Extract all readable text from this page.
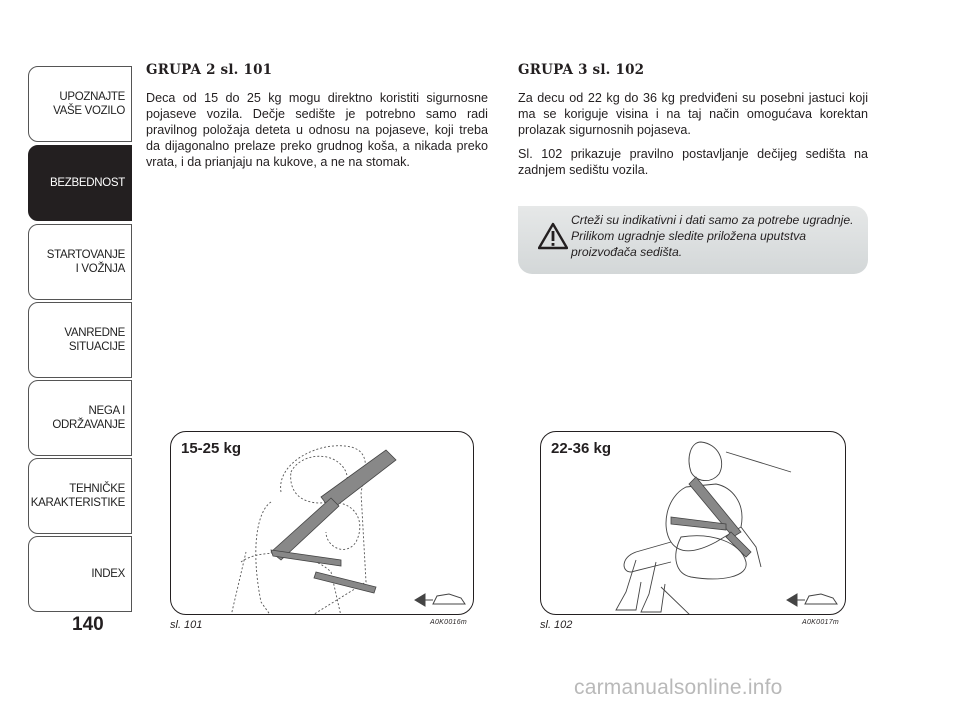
UPOZNAJTE
VAŠE VOZILO
BEZBEDNOST
STARTOVANJE
I VOŽNJA
VANREDNE
SITUACIJE
NEGA I
ODRŽAVANJE
TEHNIČKE
KARAKTERISTIKE
INDEX
140
GRUPA 2 sl. 101

Deca od 15 do 25 kg mogu direktno koristiti sigurnosne pojaseve vozila. Dečje sedište je potrebno samo radi pravilnog položaja deteta u odnosu na pojaseve, koji treba da dijagonalno prelaze preko grudnog koša, a nikada preko vrata, i da prianjaju na kukove, a ne na stomak.

GRUPA 3 sl. 102

Za decu od 22 kg do 36 kg predviđeni su posebni jastuci koji ma se koriguje visina i na taj način omogućava korektan prolazak sigurnosnih pojaseva.

Sl. 102 prikazuje pravilno postavljanje dečijeg sedišta na zadnjem sedištu vozila.

Crteži su indikativni i dati samo za potrebe ugradnje. Prilikom ugradnje sledite priložena uputstva proizvođača sedišta.
15-25 kg
sl. 101	A0K0016m
22-36 kg
sl. 102	A0K0017m
carmanualsonline.info
